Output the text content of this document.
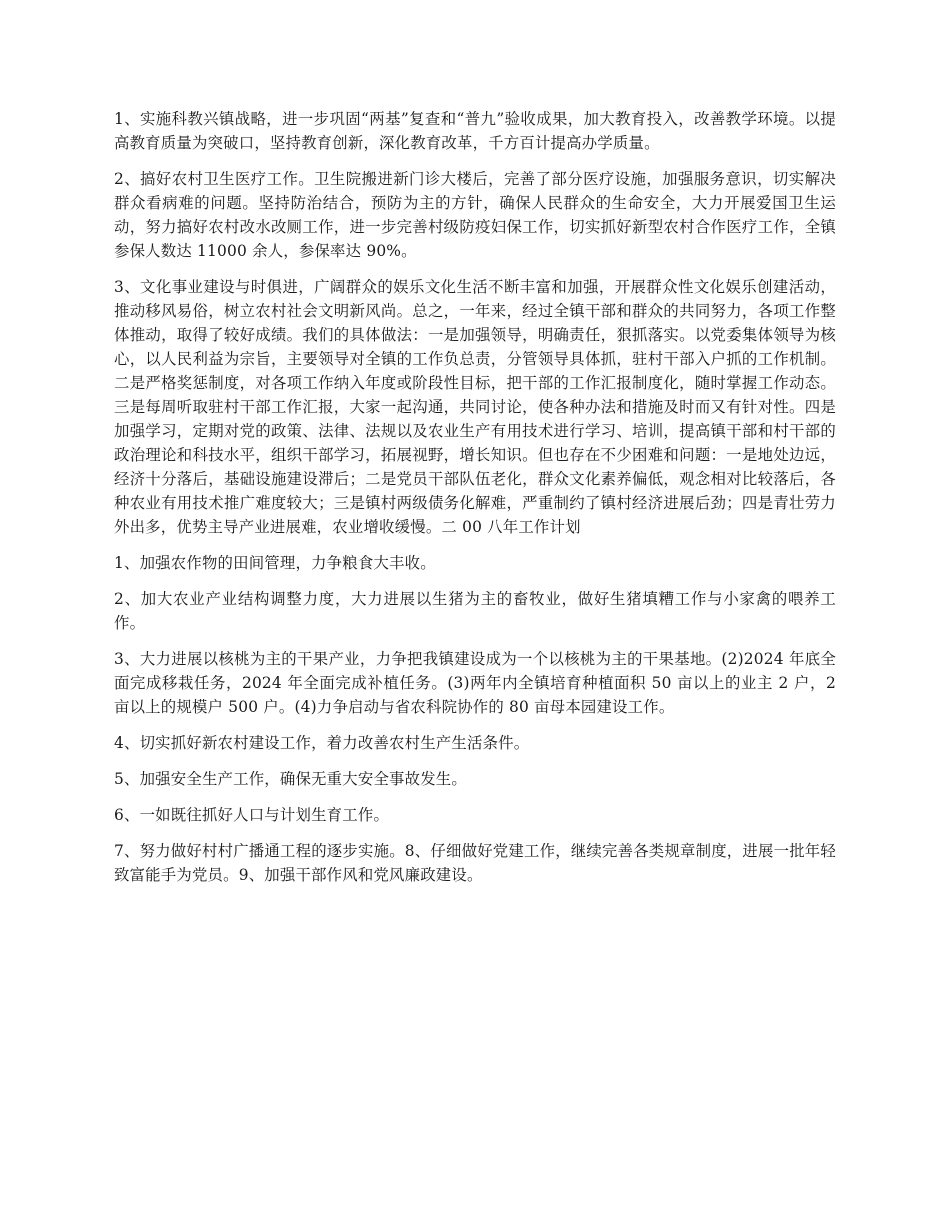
1、实施科教兴镇战略，进一步巩固“两基”复查和“普九”验收成果，加大教育投入，改善教学环境。以提高教育质量为突破口，坚持教育创新，深化教育改革，千方百计提高办学质量。

2、搞好农村卫生医疗工作。卫生院搬进新门诊大楼后，完善了部分医疗设施，加强服务意识，切实解决群众看病难的问题。坚持防治结合，预防为主的方针，确保人民群众的生命安全，大力开展爱国卫生运动，努力搞好农村改水改厕工作，进一步完善村级防疫妇保工作，切实抓好新型农村合作医疗工作，全镇参保人数达 11000 余人，参保率达 90%。

3、文化事业建设与时俱进，广阔群众的娱乐文化生活不断丰富和加强，开展群众性文化娱乐创建活动，推动移风易俗，树立农村社会文明新风尚。总之，一年来，经过全镇干部和群众的共同努力，各项工作整体推动，取得了较好成绩。我们的具体做法：一是加强领导，明确责任，狠抓落实。以党委集体领导为核心，以人民利益为宗旨，主要领导对全镇的工作负总责，分管领导具体抓，驻村干部入户抓的工作机制。二是严格奖惩制度，对各项工作纳入年度或阶段性目标，把干部的工作汇报制度化，随时掌握工作动态。三是每周听取驻村干部工作汇报，大家一起沟通，共同讨论，使各种办法和措施及时而又有针对性。四是加强学习，定期对党的政策、法律、法规以及农业生产有用技术进行学习、培训，提高镇干部和村干部的政治理论和科技水平，组织干部学习，拓展视野，增长知识。但也存在不少困难和问题：一是地处边远，经济十分落后，基础设施建设滞后；二是党员干部队伍老化，群众文化素养偏低，观念相对比较落后，各种农业有用技术推广难度较大；三是镇村两级债务化解难，严重制约了镇村经济进展后劲；四是青壮劳力外出多，优势主导产业进展难，农业增收缓慢。二 00 八年工作计划

1、加强农作物的田间管理，力争粮食大丰收。

2、加大农业产业结构调整力度，大力进展以生猪为主的畜牧业，做好生猪填糟工作与小家禽的喂养工作。

3、大力进展以核桃为主的干果产业，力争把我镇建设成为一个以核桃为主的干果基地。(2)2024 年底全面完成移栽任务，2024 年全面完成补植任务。(3)两年内全镇培育种植面积 50 亩以上的业主 2 户，2 亩以上的规模户 500 户。(4)力争启动与省农科院协作的 80 亩母本园建设工作。

4、切实抓好新农村建设工作，着力改善农村生产生活条件。

5、加强安全生产工作，确保无重大安全事故发生。

6、一如既往抓好人口与计划生育工作。

7、努力做好村村广播通工程的逐步实施。8、仔细做好党建工作，继续完善各类规章制度，进展一批年轻致富能手为党员。9、加强干部作风和党风廉政建设。
